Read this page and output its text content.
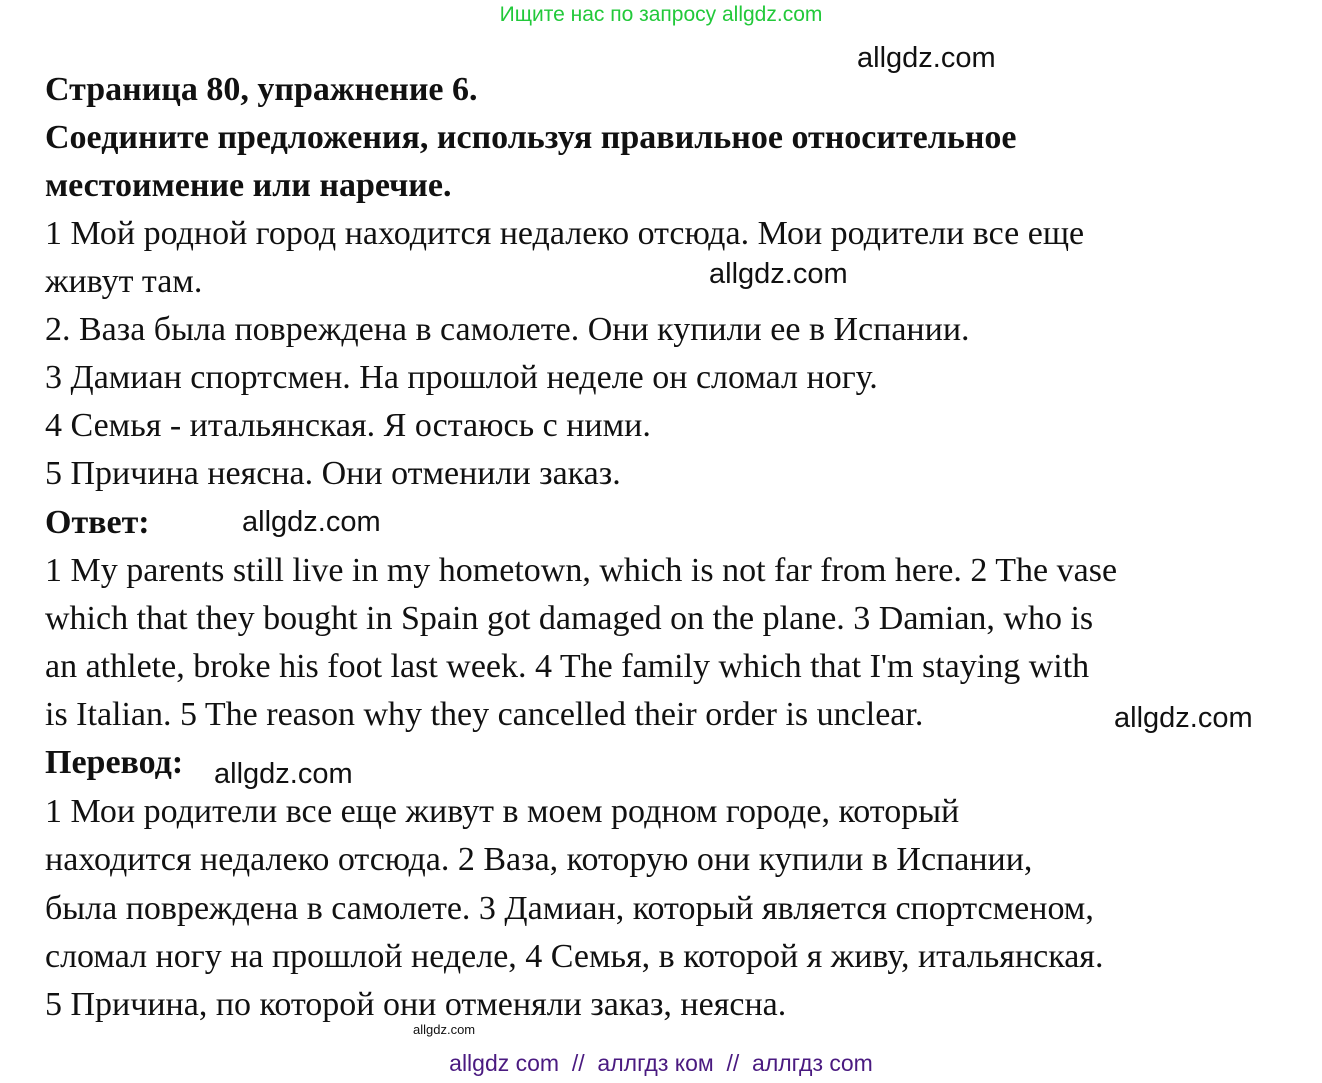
Ищите нас по запросу allgdz.com
allgdz.com
Страница 80, упражнение 6.
Соедините предложения, используя правильное относительное
местоимение или наречие.
1 Мой родной город находится недалеко отсюда. Мои родители все еще
живут там.	allgdz.com
2. Ваза была повреждена в самолете. Они купили ее в Испании.
3 Дамиан спортсмен. На прошлой неделе он сломал ногу.
4 Семья - итальянская. Я остаюсь с ними.
5 Причина неясна. Они отменили заказ.
Ответ:	allgdz.com
1 My parents still live in my hometown, which is not far from here. 2 The vase
which that they bought in Spain got damaged on the plane. 3 Damian, who is
an athlete, broke his foot last week. 4 The family which that I'm staying with
is Italian. 5 The reason why they cancelled their order is unclear.	allgdz.com
Перевод: allgdz.com
1 Мои родители все еще живут в моем родном городе, который
находится недалеко отсюда. 2 Ваза, которую они купили в Испании,
была повреждена в самолете. 3 Дамиан, который является спортсменом,
сломал ногу на прошлой неделе, 4 Семья, в которой я живу, итальянская.
5 Причина, по которой они отменяли заказ, неясна.
allgdz.com
allgdz com  //  аллгдз ком  //  аллгдз com
